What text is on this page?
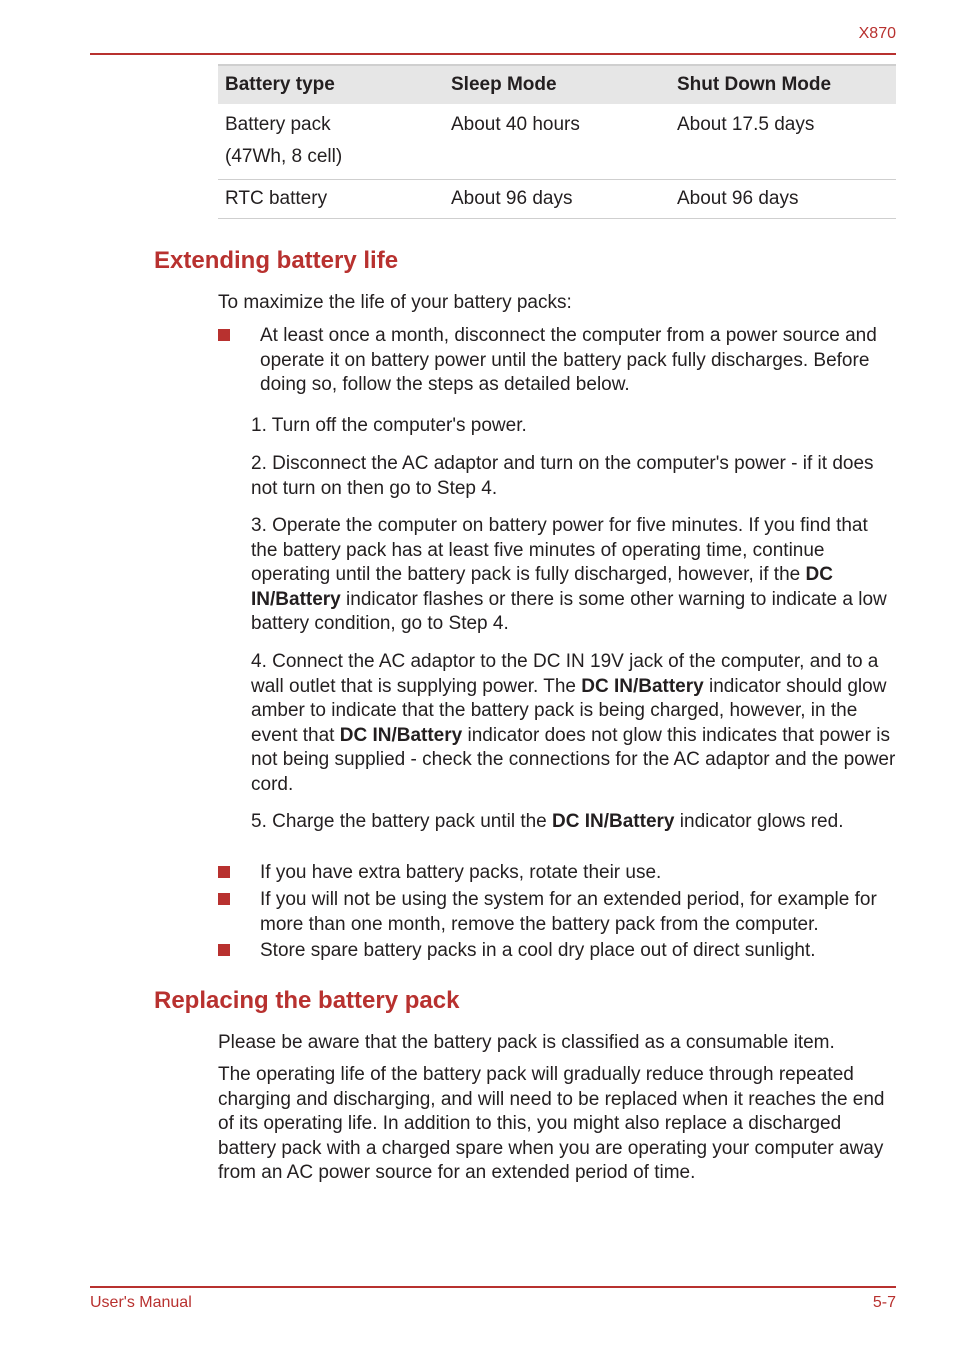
X870
Battery type	Sleep Mode	Shut Down Mode
Battery pack
(47Wh, 8 cell)	About 40 hours	About 17.5 days
RTC battery	About 96 days	About 96 days
Extending battery life

To maximize the life of your battery packs:

At least once a month, disconnect the computer from a power source and operate it on battery power until the battery pack fully discharges. Before doing so, follow the steps as detailed below.

1. Turn off the computer's power.

2. Disconnect the AC adaptor and turn on the computer's power - if it does not turn on then go to Step 4.

3. Operate the computer on battery power for five minutes. If you find that the battery pack has at least five minutes of operating time, continue operating until the battery pack is fully discharged, however, if the DC IN/Battery indicator flashes or there is some other warning to indicate a low battery condition, go to Step 4.

4. Connect the AC adaptor to the DC IN 19V jack of the computer, and to a wall outlet that is supplying power. The DC IN/Battery indicator should glow amber to indicate that the battery pack is being charged, however, in the event that DC IN/Battery indicator does not glow this indicates that power is not being supplied - check the connections for the AC adaptor and the power cord.

5. Charge the battery pack until the DC IN/Battery indicator glows red.

If you have extra battery packs, rotate their use.

If you will not be using the system for an extended period, for example for more than one month, remove the battery pack from the computer.

Store spare battery packs in a cool dry place out of direct sunlight.

Replacing the battery pack

Please be aware that the battery pack is classified as a consumable item.

The operating life of the battery pack will gradually reduce through repeated charging and discharging, and will need to be replaced when it reaches the end of its operating life. In addition to this, you might also replace a discharged battery pack with a charged spare when you are operating your computer away from an AC power source for an extended period of time.

User's Manual	5-7
